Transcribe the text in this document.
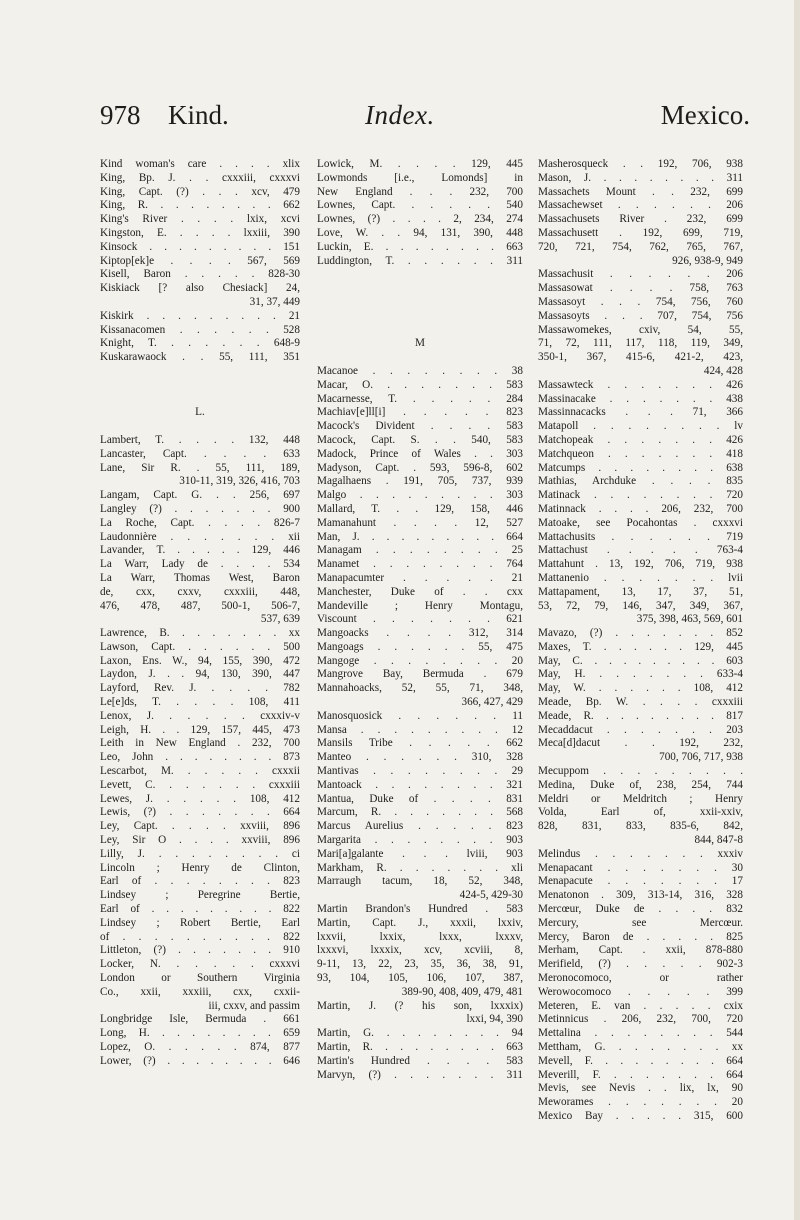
978 Kind.	Index.	Mexico.
Kind woman's care . . . . xlix
King, Bp. J. . . cxxxiii, cxxxvi
King, Capt. (?) . . . xcv, 479
King, R. . . . . . . . . 662
King's River . . . . lxix, xcvi
Kingston, E. . . . . lxxiii, 390
Kinsock . . . . . . . . . 151
Kiptop[ek]e . . . . 567, 569
Kisell, Baron . . . . . 828-30
Kiskiack [? also Chesiack] 24,
31, 37, 449
Kiskirk . . . . . . . . . 21
Kissanacomen . . . . . . 528
Knight, T. . . . . . . 648-9
Kuskarawaock . . 55, 111, 351
L.
Lambert, T. . . . . 132, 448
Lancaster, Capt. . . . . 633
Lane, Sir R. . 55, 111, 189,
310-11, 319, 326, 416, 703
Langam, Capt. G. . . 256, 697
Langley (?) . . . . . . . 900
La Roche, Capt. . . . . 826-7
Laudonnière . . . . . . . xii
Lavander, T. . . . . . 129, 446
La Warr, Lady de . . . . 534
La Warr, Thomas West, Baron
de, cxx, cxxv, cxxxiii, 448,
476, 478, 487, 500-1, 506-7,
537, 639
Lawrence, B. . . . . . . . xx
Lawson, Capt. . . . . . . 500
Laxon, Ens. W., 94, 155, 390, 472
Laydon, J. . . 94, 130, 390, 447
Layford, Rev. J. . . . . 782
Le[e]ds, T. . . . . 108, 411
Lenox, J. . . . . . cxxxiv-v
Leigh, H. . . 129, 157, 445, 473
Leith in New England . 232, 700
Leo, John . . . . . . . . 873
Lescarbot, M. . . . . . cxxxii
Levett, C. . . . . . . cxxxiii
Lewes, J. . . . . . 108, 412
Lewis, (?) . . . . . . . 664
Ley, Capt. . . . . xxviii, 896
Ley, Sir O . . . . xxviii, 896
Lilly, J. . . . . . . . . ci
Lincoln ; Henry de Clinton,
Earl of . . . . . . . . 823
Lindsey ; Peregrine Bertie,
Earl of . . . . . . . . . 822
Lindsey ; Robert Bertie, Earl
of . . . . . . . . . . 822
Littleton, (?) . . . . . . . 910
Locker, N. . . . . . cxxxvi
London or Southern Virginia
Co., xxii, xxxiii, cxx, cxxii-
iii, cxxv, and passim
Longbridge Isle, Bermuda . 661
Long, H. . . . . . . . . 659
Lopez, O. . . . . . 874, 877
Lower, (?) . . . . . . . . 646
Lowick, M. . . . . 129, 445
Lowmonds [i.e., Lomonds] in
New England . . . 232, 700
Lownes, Capt. . . . . . 540
Lownes, (?) . . . . 2, 234, 274
Love, W. . . 94, 131, 390, 448
Luckin, E. . . . . . . . . 663
Luddington, T. . . . . . . 311
M
Macanoe . . . . . . . . 38
Macar, O. . . . . . . . 583
Macarnesse, T. . . . . . 284
Machiav[e]ll[i] . . . . . 823
Macock's Divident . . . . 583
Macock, Capt. S. . . 540, 583
Madock, Prince of Wales . . 303
Madyson, Capt. . 593, 596-8, 602
Magalhaens . 191, 705, 737, 939
Malgo . . . . . . . . . 303
Mallard, T. . . 129, 158, 446
Mamanahunt . . . . 12, 527
Man, J. . . . . . . . . . 664
Managam . . . . . . . . 25
Manamet . . . . . . . . 764
Manapacumter . . . . . 21
Manchester, Duke of . . cxx
Mandeville ; Henry Montagu,
Viscount . . . . . . . 621
Mangoacks . . . . 312, 314
Mangoags . . . . . . 55, 475
Mangoge . . . . . . . . 20
Mangrove Bay, Bermuda . 679
Mannahoacks, 52, 55, 71, 348,
366, 427, 429
Manosquosick . . . . . . 11
Mansa . . . . . . . . . 12
Mansils Tribe . . . . . 662
Manteo . . . . . . 310, 328
Mantivas . . . . . . . . 29
Mantoack . . . . . . . . 321
Mantua, Duke of . . . . 831
Marcum, R. . . . . . . . 568
Marcus Aurelius . . . . . 823
Margarita . . . . . . . . 903
Mari[a]galante . . . lviii, 903
Markham, R. . . . . . . . xli
Marraugh tacum, 18, 52, 348,
424-5, 429-30
Martin Brandon's Hundred . 583
Martin, Capt. J., xxxii, lxxiv,
lxxvii, lxxix, lxxx, lxxxv,
lxxxvi, lxxxix, xcv, xcviii, 8,
9-11, 13, 22, 23, 35, 36, 38, 91,
93, 104, 105, 106, 107, 387,
389-90, 408, 409, 479, 481
Martin, J. (? his son, lxxxix)
lxxi, 94, 390
Martin, G. . . . . . . . . 94
Martin, R. . . . . . . . . 663
Martin's Hundred . . . . 583
Marvyn, (?) . . . . . . . 311
Masherosqueck . . 192, 706, 938
Mason, J. . . . . . . . . 311
Massachets Mount . . 232, 699
Massachewset . . . . . . 206
Massachusets River . 232, 699
Massachusett . 192, 699, 719,
720, 721, 754, 762, 765, 767,
926, 938-9, 949
Massachusit . . . . . . 206
Massasowat . . . . 758, 763
Massasoyt . . . 754, 756, 760
Massasoyts . . . 707, 754, 756
Massawomekes, cxiv, 54, 55,
71, 72, 111, 117, 118, 119, 349,
350-1, 367, 415-6, 421-2, 423,
424, 428
Massawteck . . . . . . . 426
Massinacake . . . . . . . 438
Massinnacacks . . . 71, 366
Matapoll . . . . . . . . lv
Matchopeak . . . . . . . 426
Matchqueon . . . . . . . 418
Matcumps . . . . . . . . 638
Mathias, Archduke . . . . 835
Matinack . . . . . . . . 720
Matinnack . . . . 206, 232, 700
Matoake, see Pocahontas . cxxxvi
Mattachusits . . . . . . 719
Mattachust . . . . . 763-4
Mattahunt . 13, 192, 706, 719, 938
Mattanenio . . . . . . . lvii
Mattapament, 13, 17, 37, 51,
53, 72, 79, 146, 347, 349, 367,
375, 398, 463, 569, 601
Mavazo, (?) . . . . . . . 852
Maxes, T. . . . . . . 129, 445
May, C. . . . . . . . . . 603
May, H. . . . . . . . 633-4
May, W. . . . . . . 108, 412
Meade, Bp. W. . . . . cxxxiii
Meade, R. . . . . . . . . 817
Mecaddacut . . . . . . . 203
Meca[d]dacut . . 192, 232,
700, 706, 717, 938
Mecuppom . . . . . . . . .
Medina, Duke of, 238, 254, 744
Meldri or Meldritch ; Henry
Volda, Earl of, xxii-xxiv,
828, 831, 833, 835-6, 842,
844, 847-8
Melindus . . . . . . . xxxiv
Menapacant . . . . . . . 30
Menapacute . . . . . . . 17
Menatonon . 309, 313-14, 316, 328
Mercœur, Duke de . . . . 832
Mercury, see Mercœur.
Mercy, Baron de . . . . . 825
Merham, Capt. . xxii, 878-880
Merifield, (?) . . . . . 902-3
Meronocomoco, or rather
Werowocomoco . . . . . 399
Meteren, E. van . . . . . cxix
Metinnicus . 206, 232, 700, 720
Mettalina . . . . . . . . 544
Mettham, G. . . . . . . . xx
Mevell, F. . . . . . . . . 664
Meverill, F. . . . . . . . 664
Mevis, see Nevis . . lix, lx, 90
Meworames . . . . . . . 20
Mexico Bay . . . . . 315, 600
